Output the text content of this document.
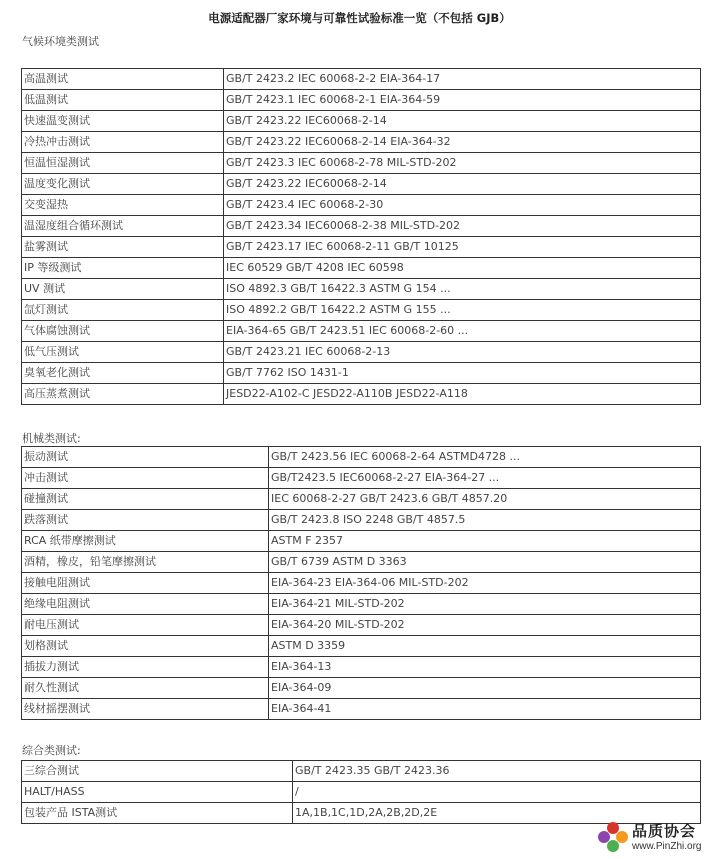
电源适配器厂家环境与可靠性试验标准一览（不包括 GJB）
气候环境类测试
高温测试	GB/T 2423.2 IEC 60068-2-2 EIA-364-17
低温测试	GB/T 2423.1 IEC 60068-2-1 EIA-364-59
快速温变测试	GB/T 2423.22 IEC60068-2-14
冷热冲击测试	GB/T 2423.22 IEC60068-2-14 EIA-364-32
恒温恒湿测试	GB/T 2423.3 IEC 60068-2-78 MIL-STD-202
温度变化测试	GB/T 2423.22 IEC60068-2-14
交变湿热	GB/T 2423.4 IEC 60068-2-30
温湿度组合循环测试	GB/T 2423.34 IEC60068-2-38 MIL-STD-202
盐雾测试	GB/T 2423.17 IEC 60068-2-11 GB/T 10125
IP 等级测试	IEC 60529 GB/T 4208 IEC 60598
UV 测试	ISO 4892.3 GB/T 16422.3 ASTM G 154 ...
氙灯测试	ISO 4892.2 GB/T 16422.2 ASTM G 155 ...
气体腐蚀测试	EIA-364-65 GB/T 2423.51 IEC 60068-2-60 ...
低气压测试	GB/T 2423.21 IEC 60068-2-13
臭氧老化测试	GB/T 7762 ISO 1431-1
高压蒸煮测试	JESD22-A102-C JESD22-A110B JESD22-A118
机械类测试:
振动测试	GB/T 2423.56 IEC 60068-2-64 ASTMD4728 ...
冲击测试	GB/T2423.5 IEC60068-2-27 EIA-364-27 ...
碰撞测试	IEC 60068-2-27 GB/T 2423.6 GB/T 4857.20
跌落测试	GB/T 2423.8 ISO 2248 GB/T 4857.5
RCA 纸带摩擦测试	ASTM F 2357
酒精，橡皮，铅笔摩擦测试	GB/T 6739 ASTM D 3363
接触电阻测试	EIA-364-23 EIA-364-06 MIL-STD-202
绝缘电阻测试	EIA-364-21 MIL-STD-202
耐电压测试	EIA-364-20 MIL-STD-202
划格测试	ASTM D 3359
插拔力测试	EIA-364-13
耐久性测试	EIA-364-09
线材摇摆测试	EIA-364-41
综合类测试:
三综合测试	GB/T 2423.35 GB/T 2423.36
HALT/HASS	/
包装产品 ISTA测试	1A,1B,1C,1D,2A,2B,2D,2E
品质协会
www.PinZhi.org
